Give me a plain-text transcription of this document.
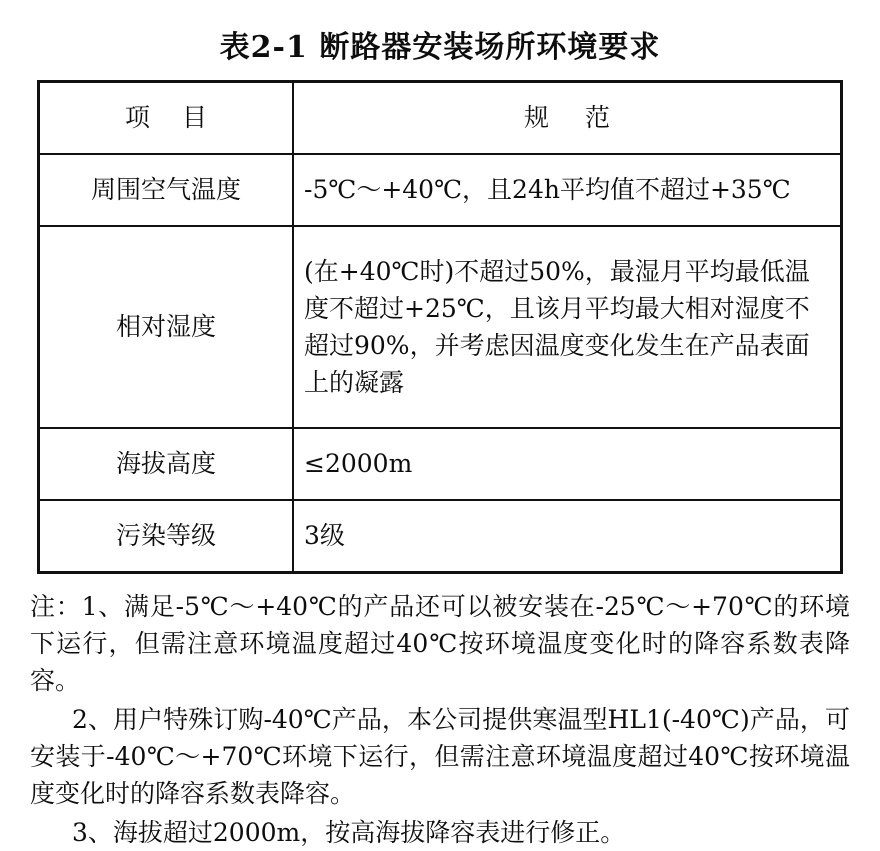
表2-1 断路器安装场所环境要求
项 目	规 范

周围空气温度	-5℃～+40℃，且24h平均值不超过+35℃
相对湿度	(在+40℃时)不超过50%，最湿月平均最低温度不超过+25℃，且该月平均最大相对湿度不超过90%，并考虑因温度变化发生在产品表面上的凝露

海拔高度	≤2000m
污染等级	3级

注：1、满足-5℃～+40℃的产品还可以被安装在-25℃～+70℃的环境下运行，但需注意环境温度超过40℃按环境温度变化时的降容系数表降容。

2、用户特殊订购-40℃产品，本公司提供寒温型HL1(-40℃)产品，可安装于-40℃～+70℃环境下运行，但需注意环境温度超过40℃按环境温度变化时的降容系数表降容。

3、海拔超过2000m，按高海拔降容表进行修正。
